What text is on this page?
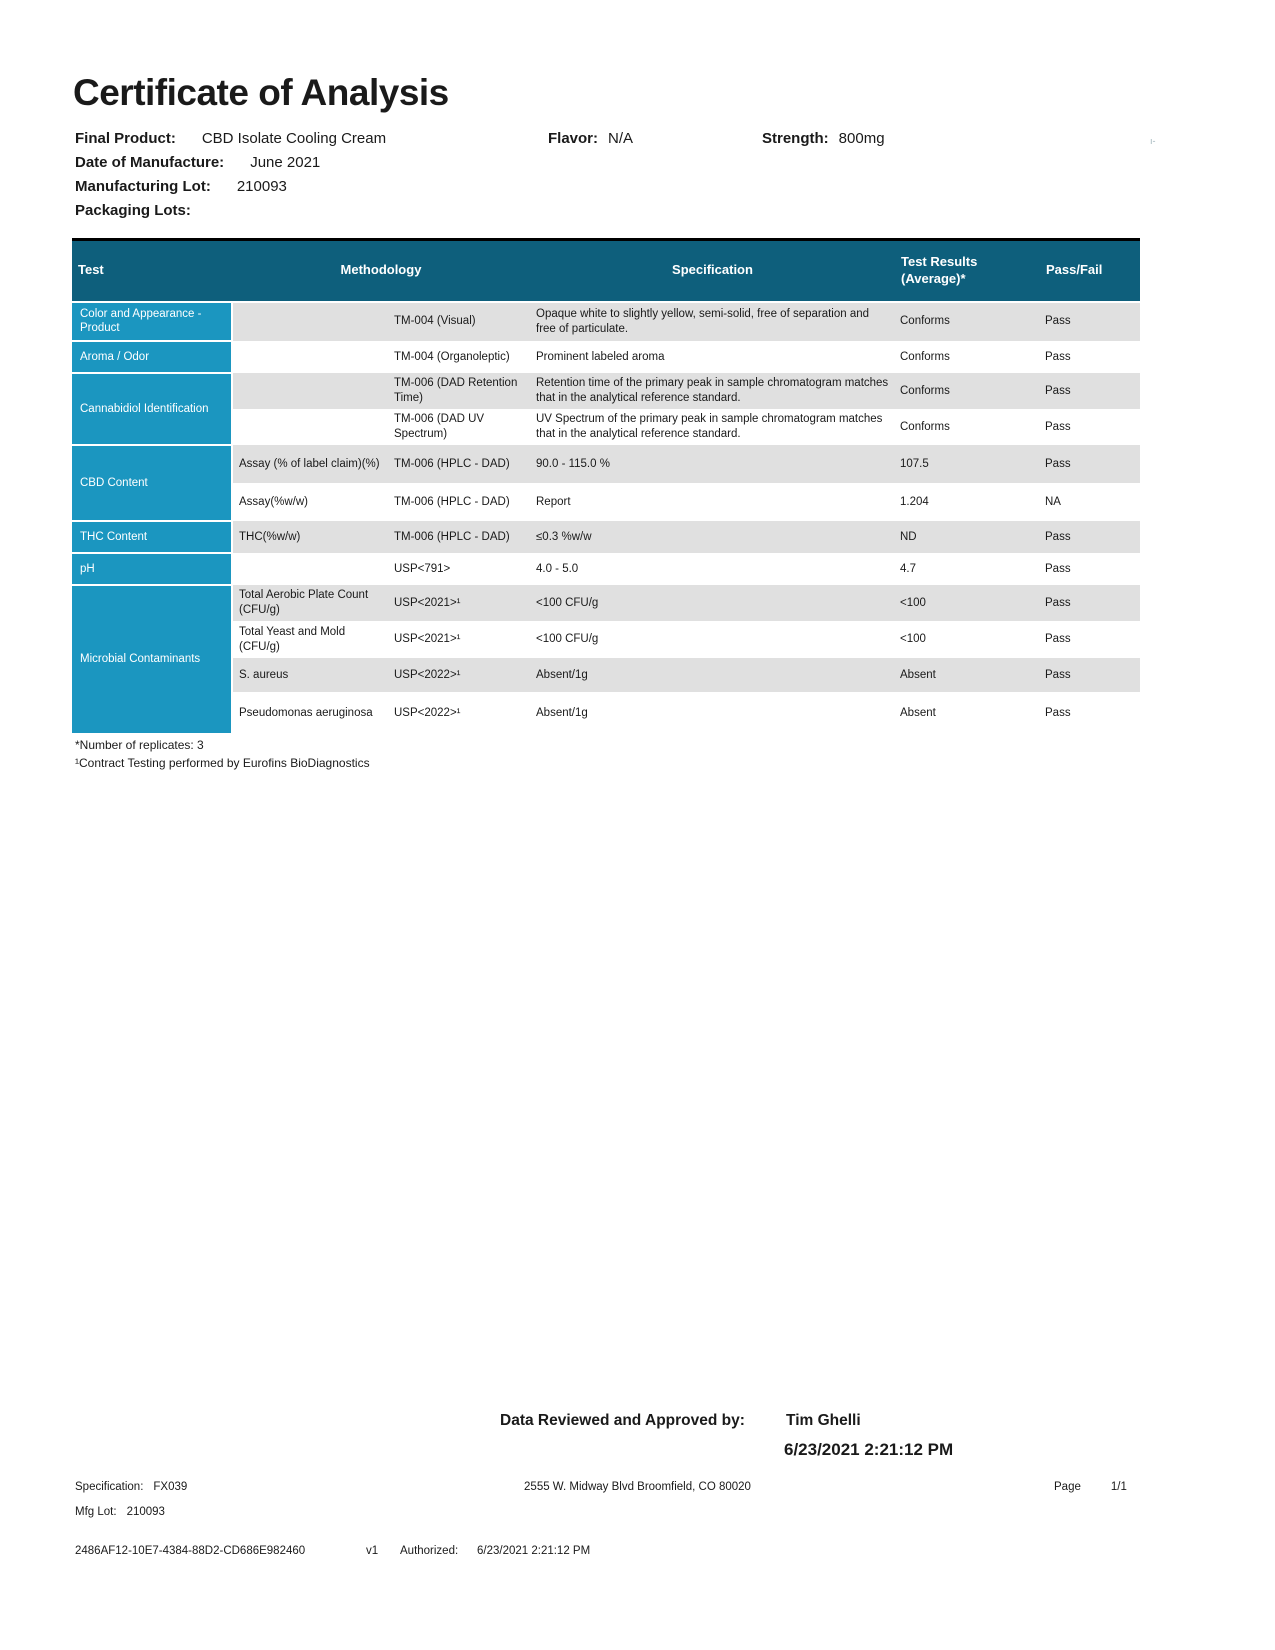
Certificate of Analysis
Final Product: CBD Isolate Cooling Cream	Flavor: N/A	Strength: 800mg	ı-
Date of Manufacture: June 2021
Manufacturing Lot: 210093
Packaging Lots:
Test	Methodology		Specification	Test Results (Average)*	Pass/Fail
Color and Appearance - Product		TM-004 (Visual)	Opaque white to slightly yellow, semi-solid, free of separation and free of particulate.	Conforms	Pass
Aroma / Odor		TM-004 (Organoleptic)	Prominent labeled aroma	Conforms	Pass
Cannabidiol Identification		TM-006 (DAD Retention Time)	Retention time of the primary peak in sample chromatogram matches that in the analytical reference standard.	Conforms	Pass
		TM-006 (DAD UV Spectrum)	UV Spectrum of the primary peak in sample chromatogram matches that in the analytical reference standard.	Conforms	Pass
CBD Content	Assay (% of label claim)(%)	TM-006 (HPLC - DAD)	90.0 - 115.0 %	107.5	Pass
	Assay(%w/w)	TM-006 (HPLC - DAD)	Report	1.204	NA
THC Content	THC(%w/w)	TM-006 (HPLC - DAD)	≤0.3 %w/w	ND	Pass
pH		USP<791>	4.0 - 5.0	4.7	Pass
Microbial Contaminants	Total Aerobic Plate Count (CFU/g)	USP<2021>¹	<100 CFU/g	<100	Pass
	Total Yeast and Mold (CFU/g)	USP<2021>¹	<100 CFU/g	<100	Pass
	S. aureus	USP<2022>¹	Absent/1g	Absent	Pass
	Pseudomonas aeruginosa	USP<2022>¹	Absent/1g	Absent	Pass
*Number of replicates: 3
¹Contract Testing performed by Eurofins BioDiagnostics
Data Reviewed and Approved by:	Tim Ghelli
6/23/2021 2:21:12 PM
Specification: FX039	2555 W. Midway Blvd Broomfield, CO 80020	Page	1/1
Mfg Lot: 210093
2486AF12-10E7-4384-88D2-CD686E982460	v1 Authorized: 6/23/2021 2:21:12 PM
